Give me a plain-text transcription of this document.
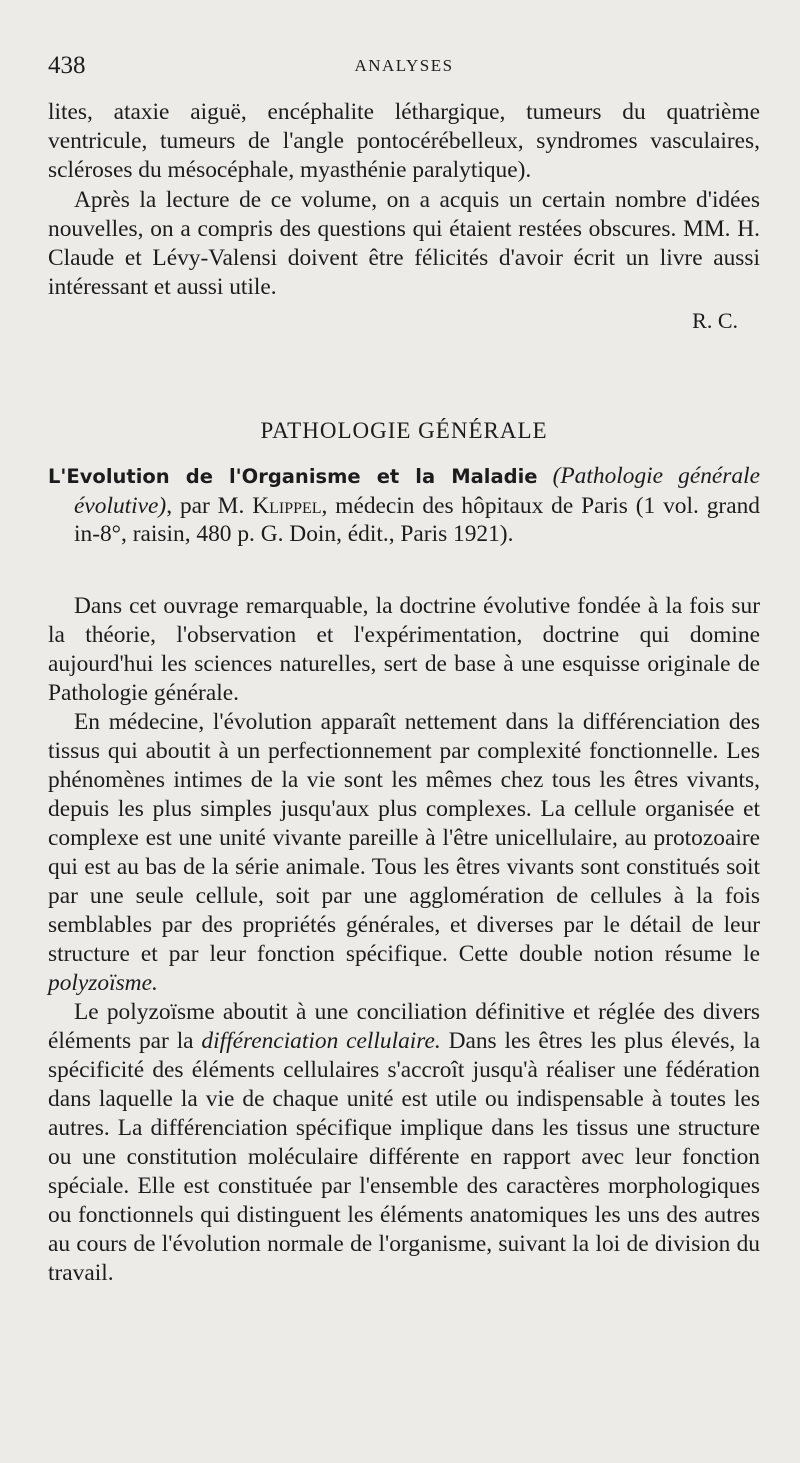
438	ANALYSES

lites, ataxie aiguë, encéphalite léthargique, tumeurs du quatrième ventricule, tumeurs de l'angle pontocérébelleux, syndromes vasculaires, scléroses du mésocéphale, myasthénie paralytique).

Après la lecture de ce volume, on a acquis un certain nombre d'idées nouvelles, on a compris des questions qui étaient restées obscures. MM. H. Claude et Lévy-Valensi doivent être félicités d'avoir écrit un livre aussi intéressant et aussi utile.

R. C.
PATHOLOGIE GÉNÉRALE

L'Evolution de l'Organisme et la Maladie (Pathologie générale évolutive), par M. Klippel, médecin des hôpitaux de Paris (1 vol. grand in-8°, raisin, 480 p. G. Doin, édit., Paris 1921).

Dans cet ouvrage remarquable, la doctrine évolutive fondée à la fois sur la théorie, l'observation et l'expérimentation, doctrine qui domine aujourd'hui les sciences naturelles, sert de base à une esquisse originale de Pathologie générale.

En médecine, l'évolution apparaît nettement dans la différenciation des tissus qui aboutit à un perfectionnement par complexité fonctionnelle. Les phénomènes intimes de la vie sont les mêmes chez tous les êtres vivants, depuis les plus simples jusqu'aux plus complexes. La cellule organisée et complexe est une unité vivante pareille à l'être unicellulaire, au protozoaire qui est au bas de la série animale. Tous les êtres vivants sont constitués soit par une seule cellule, soit par une agglomération de cellules à la fois semblables par des propriétés générales, et diverses par le détail de leur structure et par leur fonction spécifique. Cette double notion résume le polyzoïsme.

Le polyzoïsme aboutit à une conciliation définitive et réglée des divers éléments par la différenciation cellulaire. Dans les êtres les plus élevés, la spécificité des éléments cellulaires s'accroît jusqu'à réaliser une fédération dans laquelle la vie de chaque unité est utile ou indispensable à toutes les autres. La différenciation spécifique implique dans les tissus une structure ou une constitution moléculaire différente en rapport avec leur fonction spéciale. Elle est constituée par l'ensemble des caractères morphologiques ou fonctionnels qui distinguent les éléments anatomiques les uns des autres au cours de l'évolution normale de l'organisme, suivant la loi de division du travail.
